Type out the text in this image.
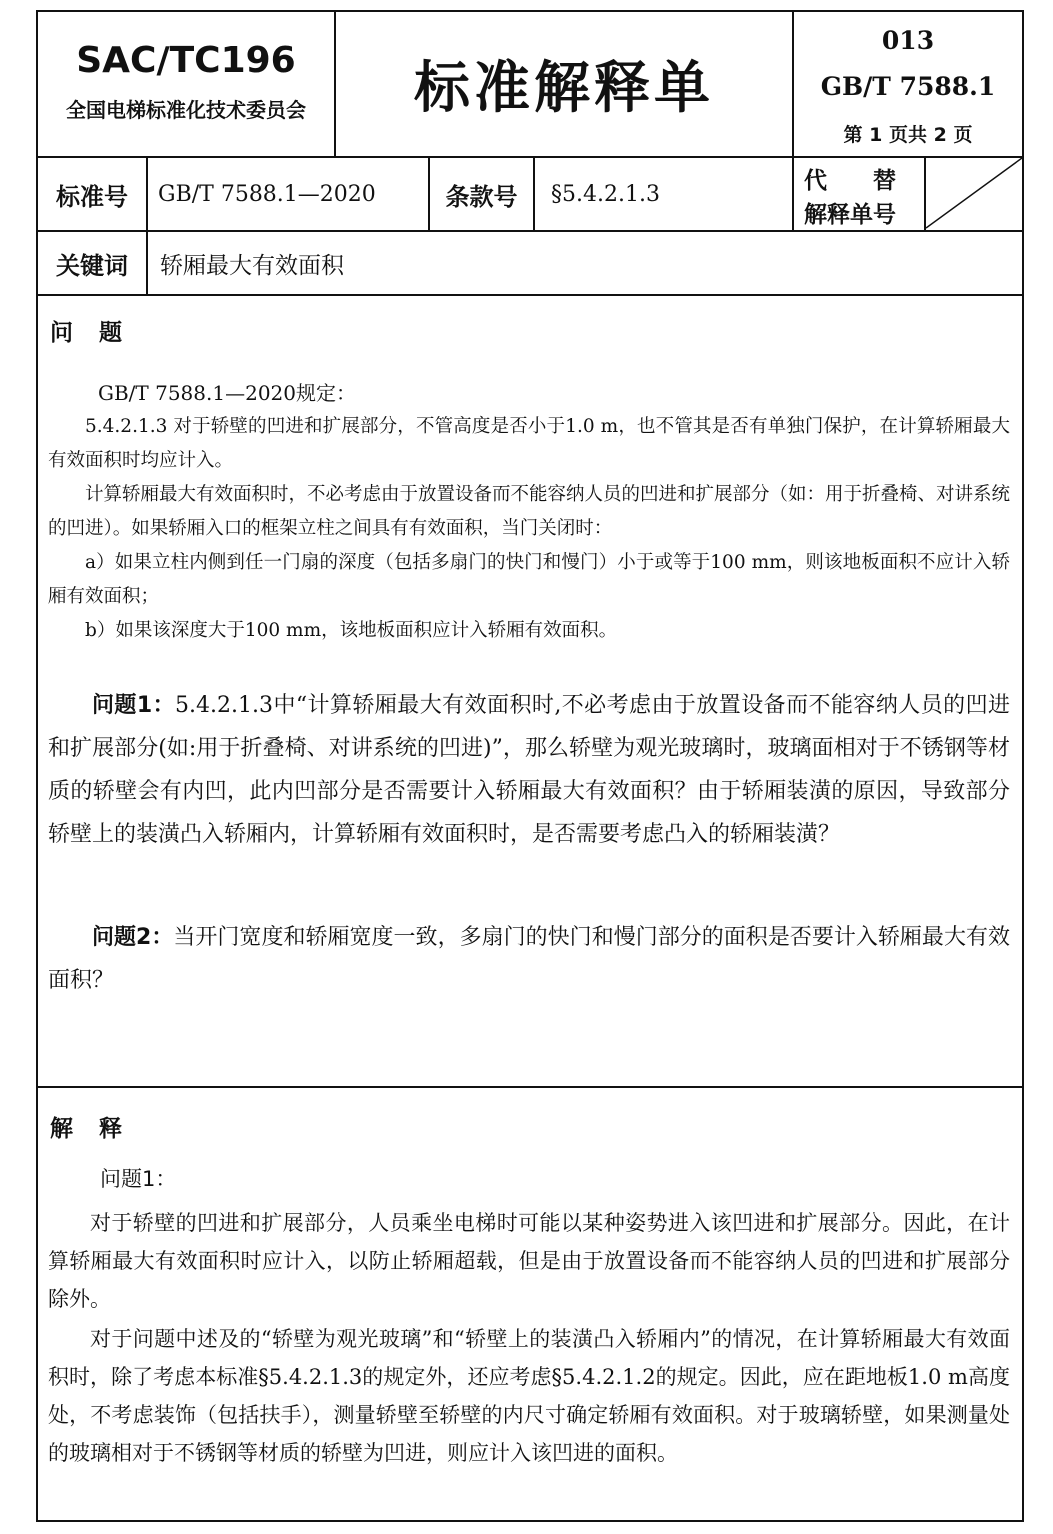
SAC/TC196
全国电梯标准化技术委员会	标准解释单
013
GB/T 7588.1
第 1 页共 2 页
标准号 GB/T 7588.1—2020	条款号 §5.4.2.1.3	代　　替
解释单号
关键词 轿厢最大有效面积
问题

GB/T 7588.1—2020规定：

5.4.2.1.3 对于轿壁的凹进和扩展部分，不管高度是否小于1.0 m，也不管其是否有单独门保护，在计算轿厢最大有效面积时均应计入。

计算轿厢最大有效面积时，不必考虑由于放置设备而不能容纳人员的凹进和扩展部分（如：用于折叠椅、对讲系统的凹进）。如果轿厢入口的框架立柱之间具有有效面积，当门关闭时：

a）如果立柱内侧到任一门扇的深度（包括多扇门的快门和慢门）小于或等于100 mm，则该地板面积不应计入轿厢有效面积；

b）如果该深度大于100 mm，该地板面积应计入轿厢有效面积。

问题1：5.4.2.1.3中“计算轿厢最大有效面积时,不必考虑由于放置设备而不能容纳人员的凹进和扩展部分(如:用于折叠椅、对讲系统的凹进)”，那么轿壁为观光玻璃时，玻璃面相对于不锈钢等材质的轿壁会有内凹，此内凹部分是否需要计入轿厢最大有效面积？由于轿厢装潢的原因，导致部分轿壁上的装潢凸入轿厢内，计算轿厢有效面积时，是否需要考虑凸入的轿厢装潢？

问题2：当开门宽度和轿厢宽度一致，多扇门的快门和慢门部分的面积是否要计入轿厢最大有效面积？

解释

问题1：

对于轿壁的凹进和扩展部分，人员乘坐电梯时可能以某种姿势进入该凹进和扩展部分。因此，在计算轿厢最大有效面积时应计入，以防止轿厢超载，但是由于放置设备而不能容纳人员的凹进和扩展部分除外。

对于问题中述及的“轿壁为观光玻璃”和“轿壁上的装潢凸入轿厢内”的情况，在计算轿厢最大有效面积时，除了考虑本标准§5.4.2.1.3的规定外，还应考虑§5.4.2.1.2的规定。因此，应在距地板1.0 m高度处，不考虑装饰（包括扶手），测量轿壁至轿壁的内尺寸确定轿厢有效面积。对于玻璃轿壁，如果测量处的玻璃相对于不锈钢等材质的轿壁为凹进，则应计入该凹进的面积。
